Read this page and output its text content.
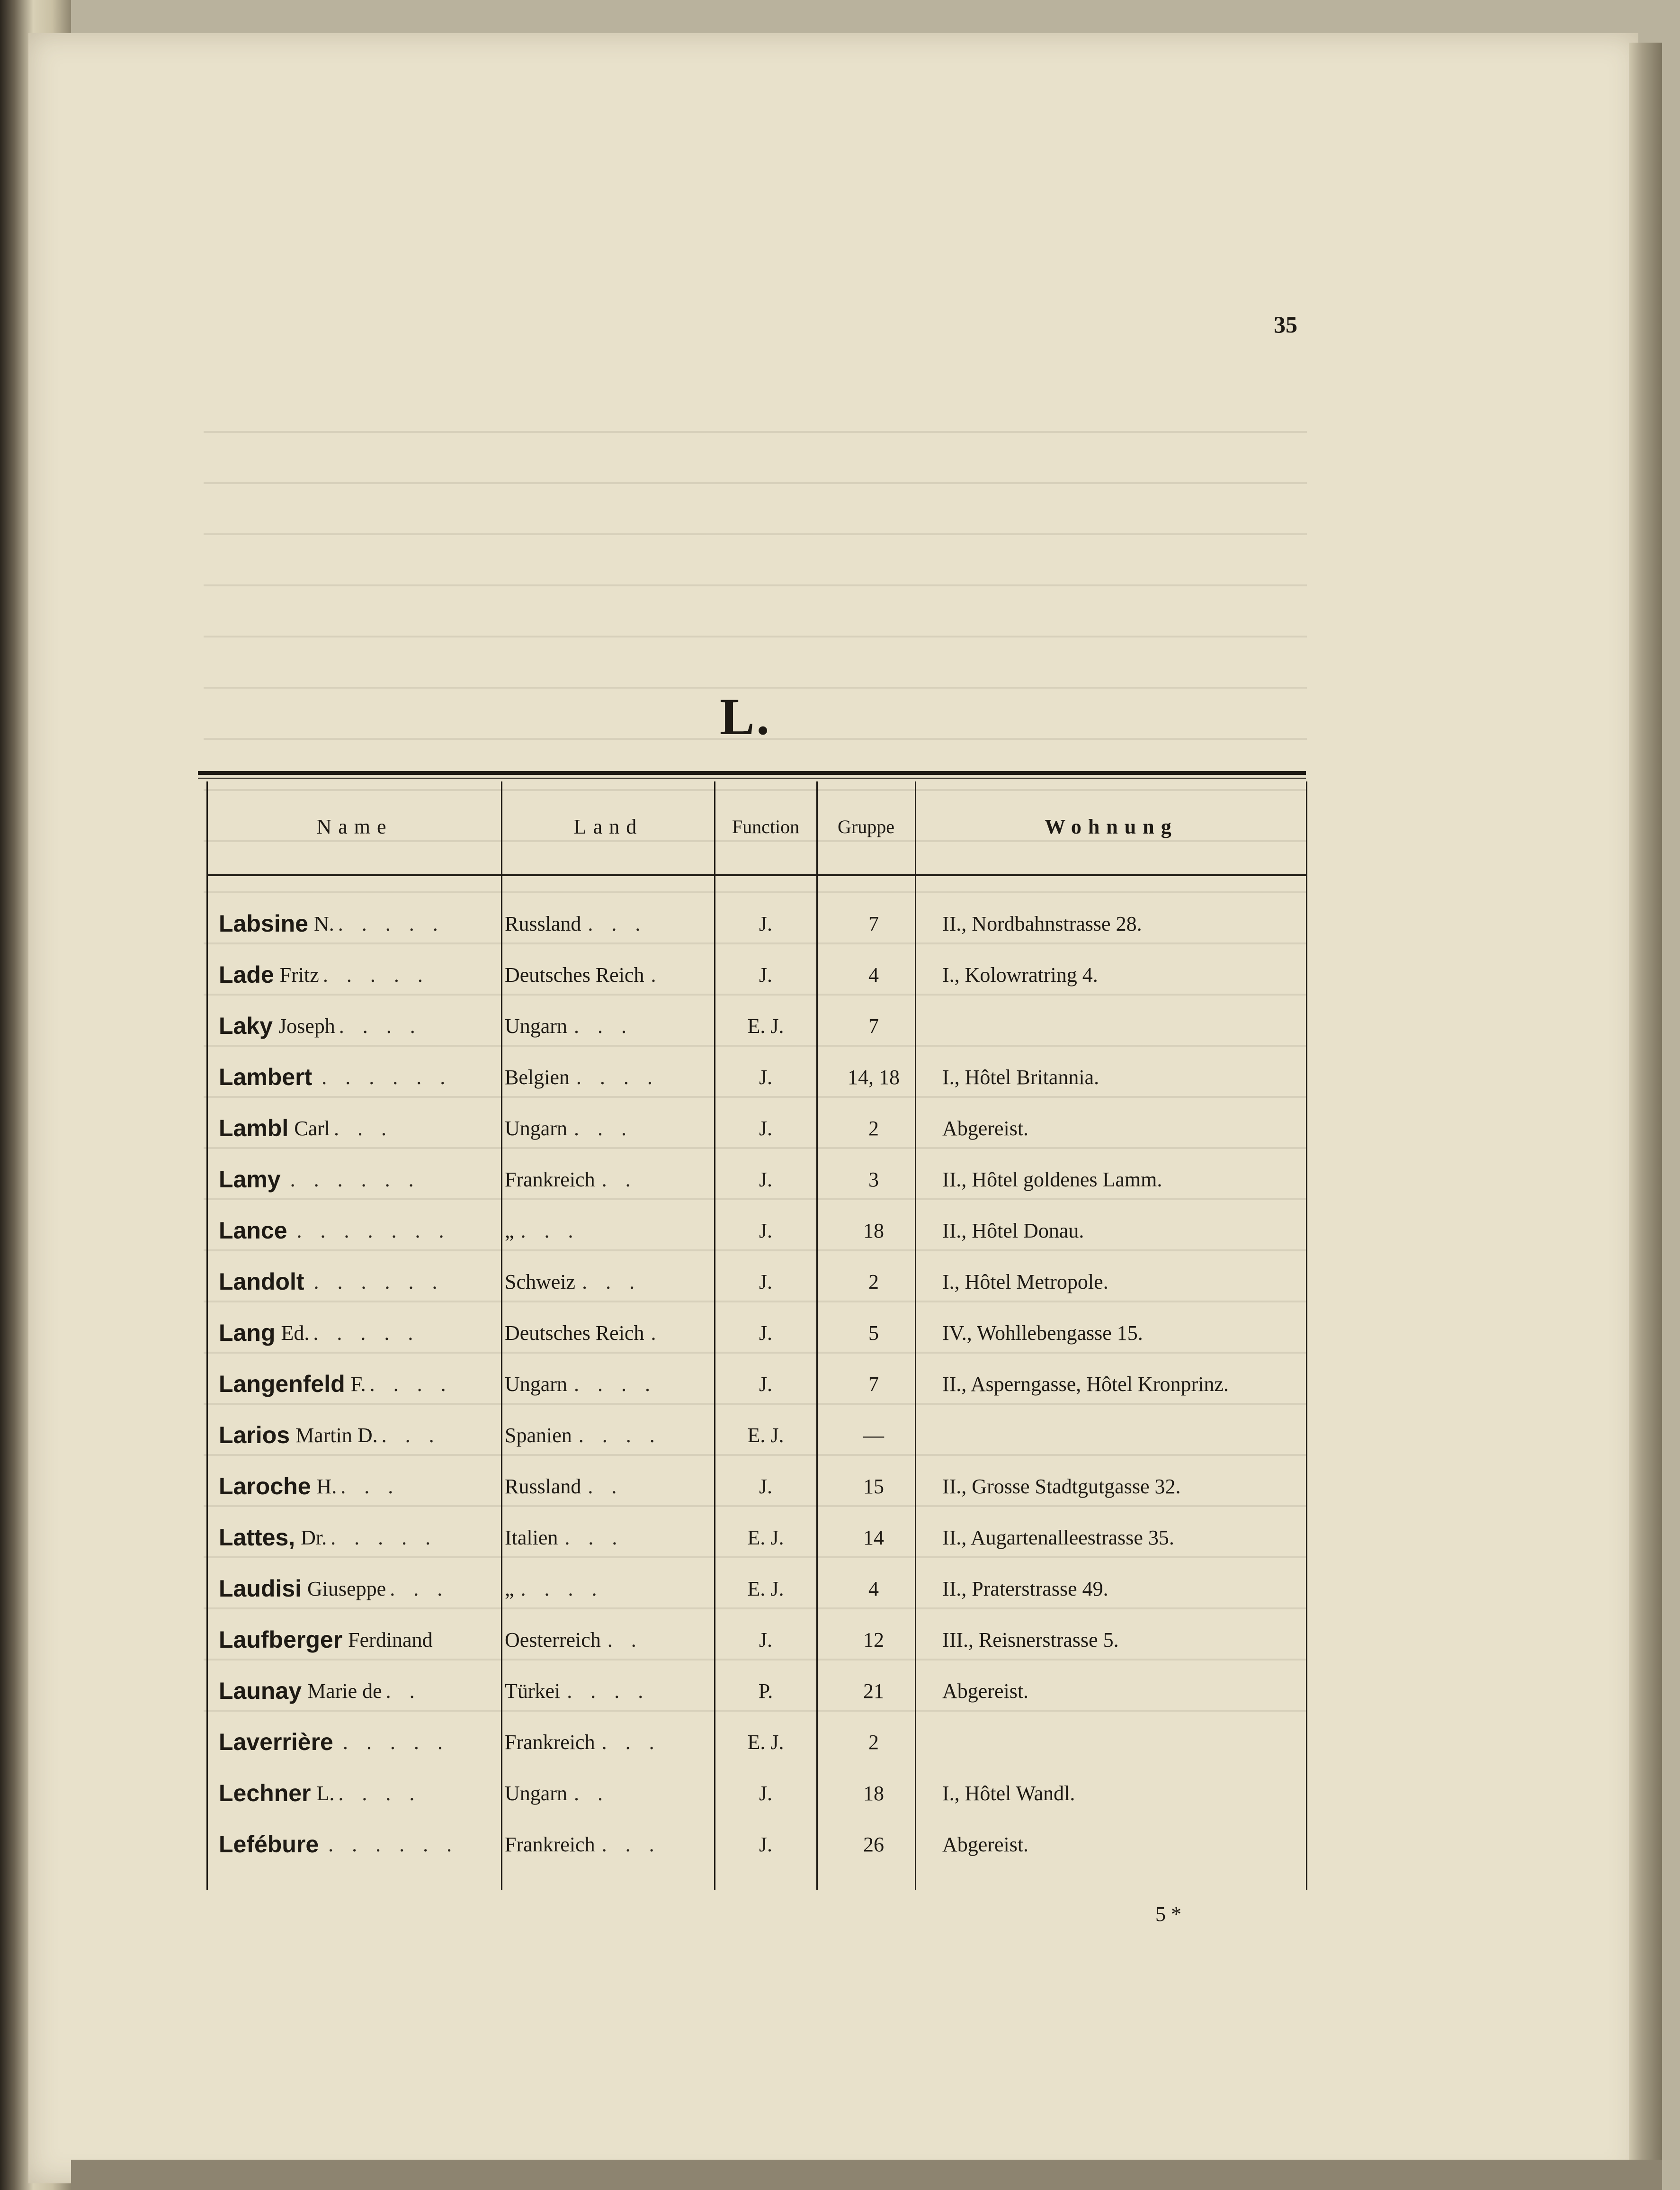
35
L.
Name	Land	Function	Gruppe	Wohnung
Labsine N. . . . . .	Russland . . .	J.	7	II., Nordbahnstrasse 28.
Lade Fritz . . . . .	Deutsches Reich .	J.	4	I., Kolowratring 4.
Laky Joseph . . . .	Ungarn . . .	E. J.	7
Lambert . . . . . .	Belgien . . . .	J.	14, 18	I., Hôtel Britannia.
Lambl Carl . . .	Ungarn . . .	J.	2	Abgereist.
Lamy . . . . . .	Frankreich . .	J.	3	II., Hôtel goldenes Lamm.
Lance . . . . . . .	„ . . .	J.	18	II., Hôtel Donau.
Landolt . . . . . .	Schweiz . . .	J.	2	I., Hôtel Metropole.
Lang Ed. . . . . .	Deutsches Reich .	J.	5	IV., Wohllebengasse 15.
Langenfeld F. . . . .	Ungarn . . . .	J.	7	II., Asperngasse, Hôtel Kronprinz.
Larios Martin D. . . .	Spanien . . . .	E. J.	—
Laroche H. . . .	Russland . .	J.	15	II., Grosse Stadtgutgasse 32.
Lattes, Dr. . . . . .	Italien . . .	E. J.	14	II., Augartenalleestrasse 35.
Laudisi Giuseppe . . .	„ . . . .	E. J.	4	II., Praterstrasse 49.
Laufberger Ferdinand	Oesterreich . .	J.	12	III., Reisnerstrasse 5.
Launay Marie de . .	Türkei . . . .	P.	21	Abgereist.
Laverrière . . . . .	Frankreich . . .	E. J.	2
Lechner L. . . . .	Ungarn . .	J.	18	I., Hôtel Wandl.
Lefébure . . . . . . Frankreich . . .	J.	26	Abgereist.
5 *
